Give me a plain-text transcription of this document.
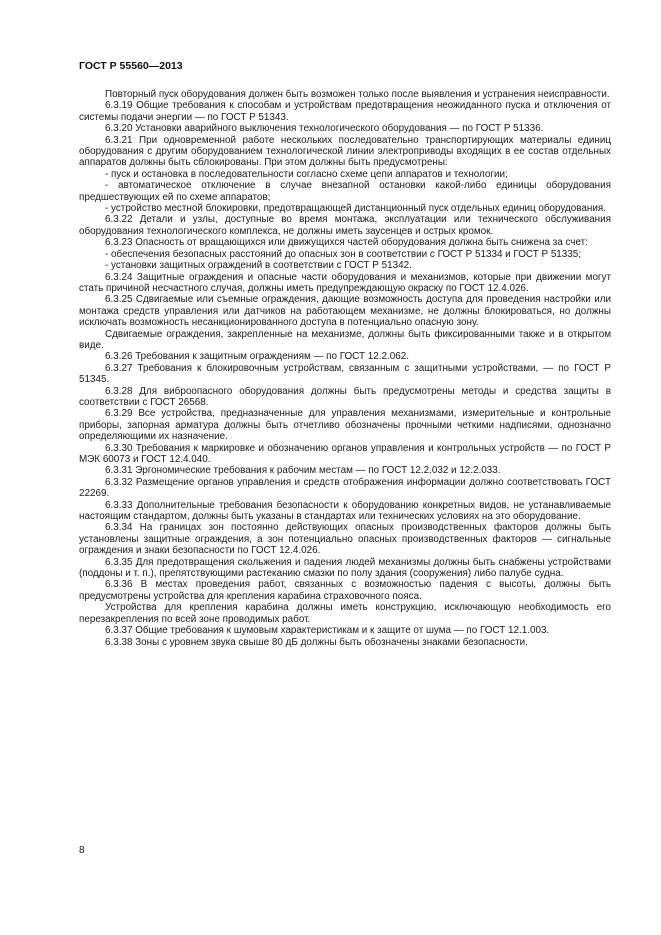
ГОСТ Р 55560—2013

Повторный пуск оборудования должен быть возможен только после выявления и устранения неисправности.

6.3.19 Общие требования к способам и устройствам предотвращения неожиданного пуска и отключения от системы подачи энергии — по ГОСТ Р 51343.

6.3.20 Установки аварийного выключения технологического оборудования — по ГОСТ Р 51336.

6.3.21 При одновременной работе нескольких последовательно транспортирующих материалы единиц оборудования с другим оборудованием технологической линии электроприводы входящих в ее состав отдельных аппаратов должны быть сблокированы. При этом должны быть предусмотрены:

- пуск и остановка в последовательности согласно схеме цепи аппаратов и технологии;

- автоматическое отключение в случае внезапной остановки какой-либо единицы оборудования предшествующих ей по схеме аппаратов;

- устройство местной блокировки, предотвращающей дистанционный пуск отдельных единиц оборудования.

6.3.22 Детали и узлы, доступные во время монтажа, эксплуатации или технического обслуживания оборудования технологического комплекса, не должны иметь заусенцев и острых кромок.

6.3.23 Опасность от вращающихся или движущихся частей оборудования должна быть снижена за счет:

- обеспечения безопасных расстояний до опасных зон в соответствии с ГОСТ Р 51334 и ГОСТ Р 51335;

- установки защитных ограждений в соответствии с ГОСТ Р 51342.

6.3.24 Защитные ограждения и опасные части оборудования и механизмов, которые при движении могут стать причиной несчастного случая, должны иметь предупреждающую окраску по ГОСТ 12.4.026.

6.3.25 Сдвигаемые или съемные ограждения, дающие возможность доступа для проведения настройки или монтажа средств управления или датчиков на работающем механизме, не должны блокироваться, но должны исключать возможность несанкционированного доступа в потенциально опасную зону.

Сдвигаемые ограждения, закрепленные на механизме, должны быть фиксированными также и в открытом виде.

6.3.26 Требования к защитным ограждениям — по ГОСТ 12.2.062.

6.3.27 Требования к блокировочным устройствам, связанным с защитными устройствами, — по ГОСТ Р 51345.

6.3.28 Для виброопасного оборудования должны быть предусмотрены методы и средства защиты в соответствии с ГОСТ 26568.

6.3.29 Все устройства, предназначенные для управления механизмами, измерительные и контрольные приборы, запорная арматура должны быть отчетливо обозначены прочными четкими надписями, однозначно определяющими их назначение.

6.3.30 Требования к маркировке и обозначению органов управления и контрольных устройств — по ГОСТ Р МЭК 60073 и ГОСТ 12.4.040.

6.3.31 Эргономические требования к рабочим местам — по ГОСТ 12.2.032 и 12.2.033.

6.3.32 Размещение органов управления и средств отображения информации должно соответствовать ГОСТ 22269.

6.3.33 Дополнительные требования безопасности к оборудованию конкретных видов, не устанавливаемые настоящим стандартом, должны быть указаны в стандартах или технических условиях на это оборудование.

6.3.34 На границах зон постоянно действующих опасных производственных факторов должны быть установлены защитные ограждения, а зон потенциально опасных производственных факторов — сигнальные ограждения и знаки безопасности по ГОСТ 12.4.026.

6.3.35 Для предотвращения скольжения и падения людей механизмы должны быть снабжены устройствами (поддоны и т. п.), препятствующими растеканию смазки по полу здания (сооружения) либо палубе судна.

6.3.36 В местах проведения работ, связанных с возможностью падения с высоты, должны быть предусмотрены устройства для крепления карабина страховочного пояса.

Устройства для крепления карабина должны иметь конструкцию, исключающую необходимость его перезакрепления по всей зоне проводимых работ.

6.3.37 Общие требования к шумовым характеристикам и к защите от шума — по ГОСТ 12.1.003.

6.3.38 Зоны с уровнем звука свыше 80 дБ должны быть обозначены знаками безопасности.

8
